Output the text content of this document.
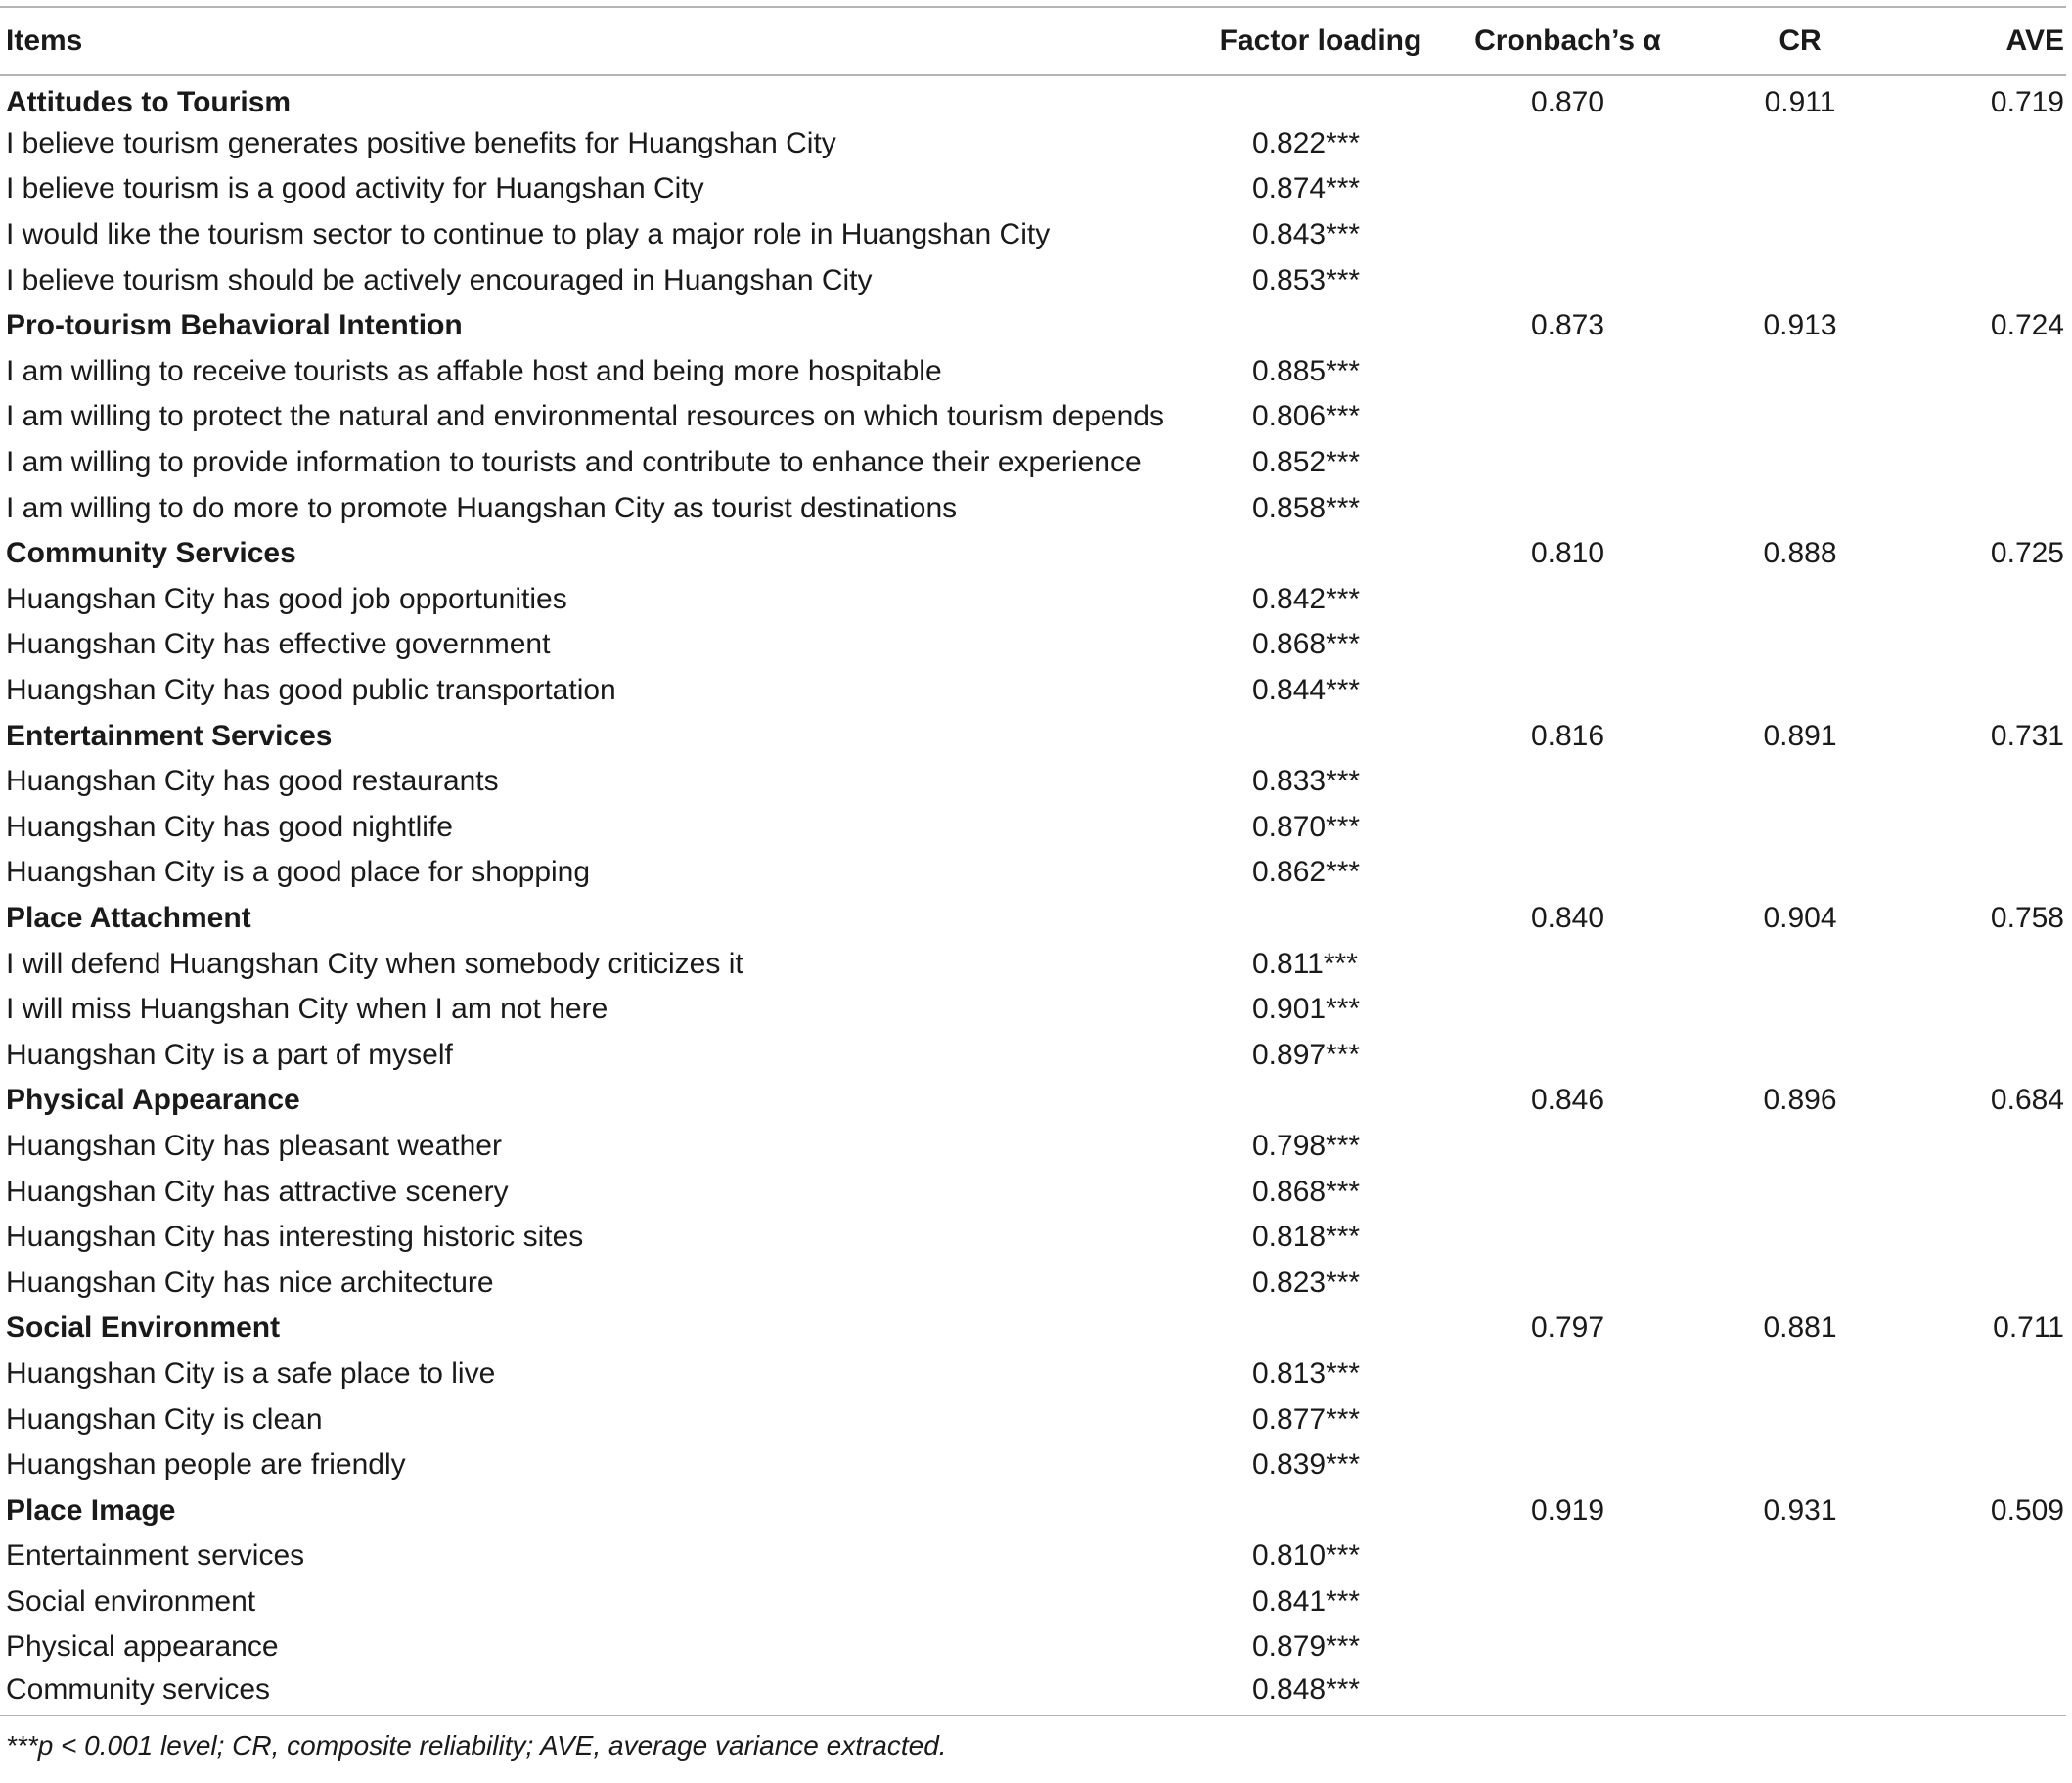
Items	Factor loading	Cronbach’s α	CR	AVE
Attitudes to Tourism		0.870	0.911	0.719
I believe tourism generates positive benefits for Huangshan City	0.822***			
I believe tourism is a good activity for Huangshan City	0.874***			
I would like the tourism sector to continue to play a major role in Huangshan City	0.843***			
I believe tourism should be actively encouraged in Huangshan City	0.853***			
Pro-tourism Behavioral Intention		0.873	0.913	0.724
I am willing to receive tourists as affable host and being more hospitable	0.885***			
I am willing to protect the natural and environmental resources on which tourism depends	0.806***			
I am willing to provide information to tourists and contribute to enhance their experience	0.852***			
I am willing to do more to promote Huangshan City as tourist destinations	0.858***			
Community Services		0.810	0.888	0.725
Huangshan City has good job opportunities	0.842***			
Huangshan City has effective government	0.868***			
Huangshan City has good public transportation	0.844***			
Entertainment Services		0.816	0.891	0.731
Huangshan City has good restaurants	0.833***			
Huangshan City has good nightlife	0.870***			
Huangshan City is a good place for shopping	0.862***			
Place Attachment		0.840	0.904	0.758
I will defend Huangshan City when somebody criticizes it	0.811***			
I will miss Huangshan City when I am not here	0.901***			
Huangshan City is a part of myself	0.897***			
Physical Appearance		0.846	0.896	0.684
Huangshan City has pleasant weather	0.798***			
Huangshan City has attractive scenery	0.868***			
Huangshan City has interesting historic sites	0.818***			
Huangshan City has nice architecture	0.823***			
Social Environment		0.797	0.881	0.711
Huangshan City is a safe place to live	0.813***			
Huangshan City is clean	0.877***			
Huangshan people are friendly	0.839***			
Place Image		0.919	0.931	0.509
Entertainment services	0.810***			
Social environment	0.841***			
Physical appearance	0.879***			
Community services	0.848***			
***p < 0.001 level; CR, composite reliability; AVE, average variance extracted.
